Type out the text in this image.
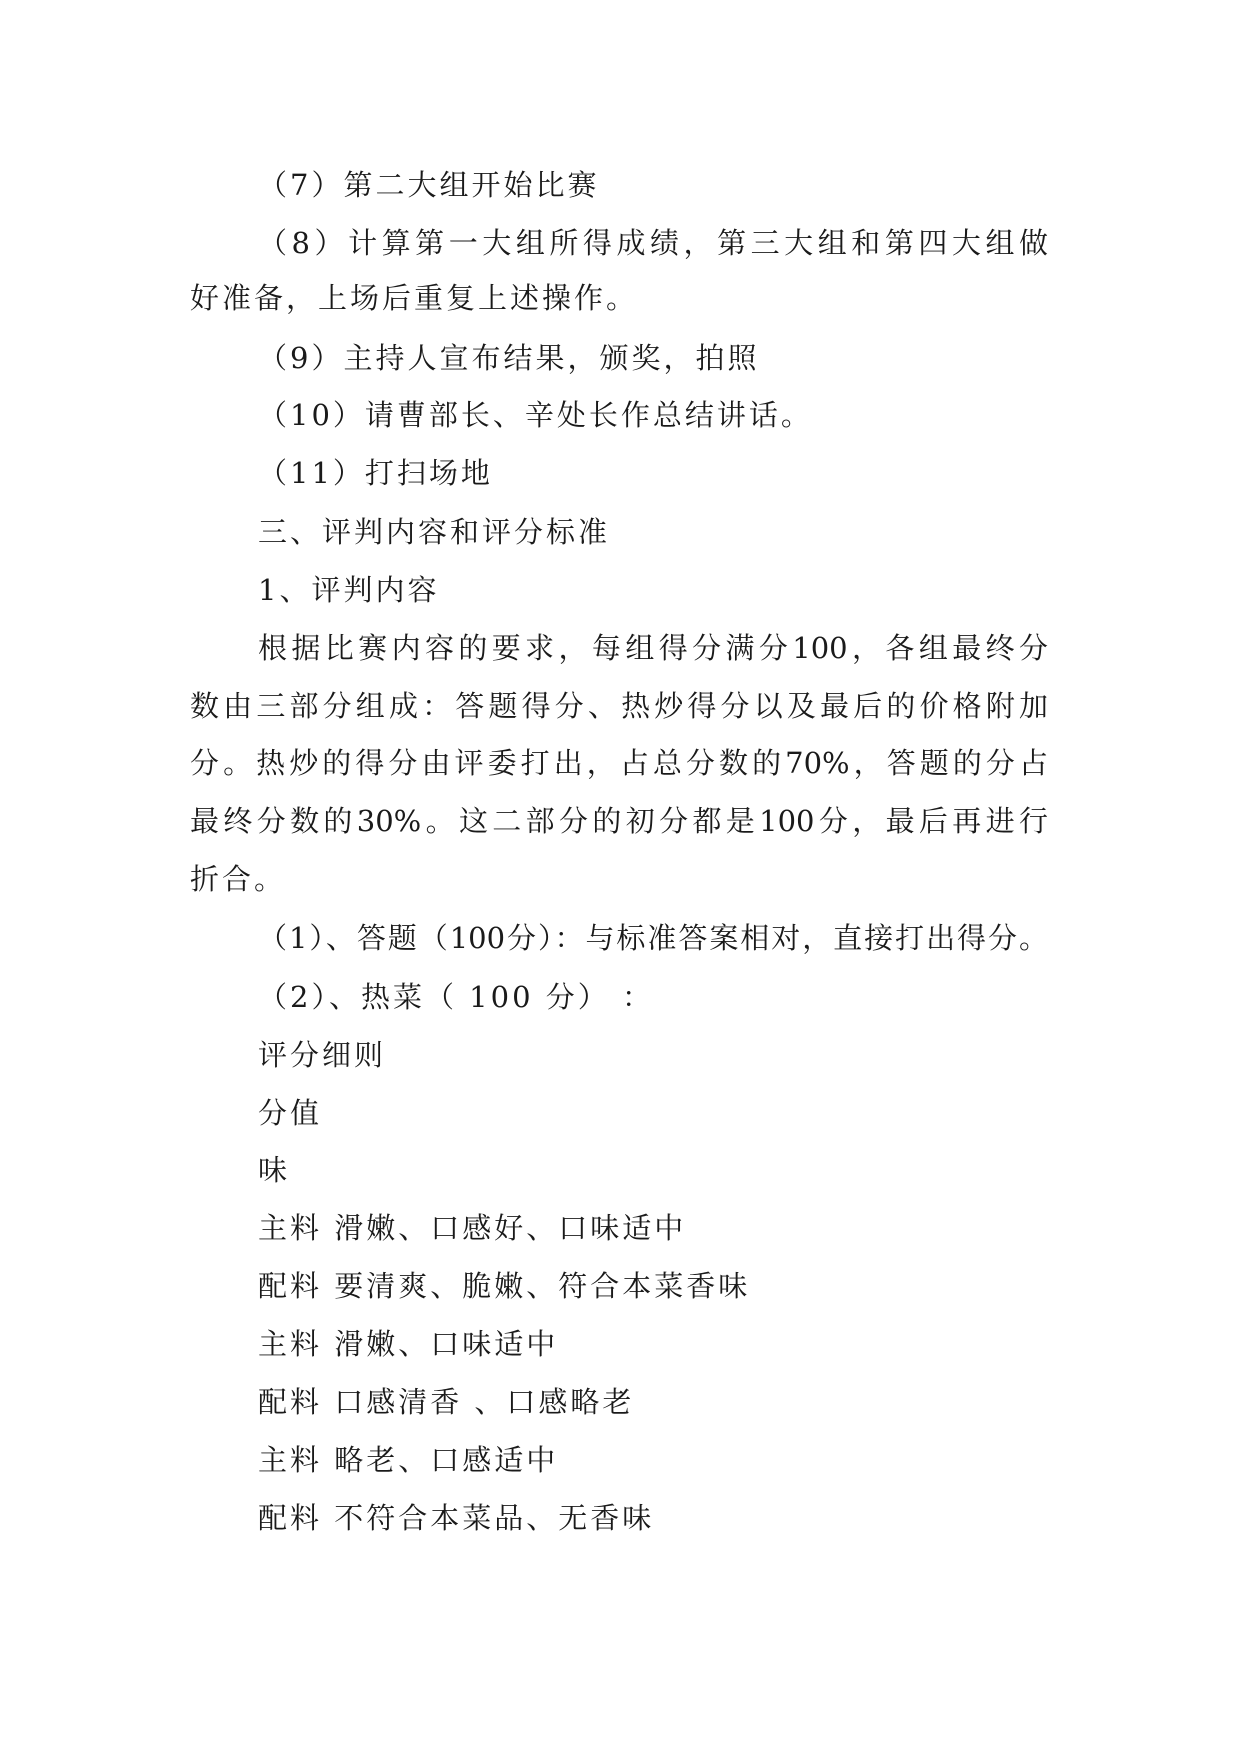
（7）第二大组开始比赛
（8）计算第一大组所得成绩，第三大组和第四大组做
好准备，上场后重复上述操作。
（9）主持人宣布结果，颁奖，拍照
（10）请曹部长、辛处长作总结讲话。
（11）打扫场地
三、评判内容和评分标准
1、评判内容
根据比赛内容的要求，每组得分满分100，各组最终分
数由三部分组成：答题得分、热炒得分以及最后的价格附加
分。热炒的得分由评委打出，占总分数的70%，答题的分占
最终分数的30%。这二部分的初分都是100分，最后再进行
折合。
（1）、答题（100分）：与标准答案相对，直接打出得分。
（2）、热菜（ 100 分） ：
评分细则
分值
味
主料 滑嫩、口感好、口味适中
配料 要清爽、脆嫩、符合本菜香味
主料 滑嫩、口味适中
配料 口感清香 、口感略老
主料 略老、口感适中
配料 不符合本菜品、无香味
